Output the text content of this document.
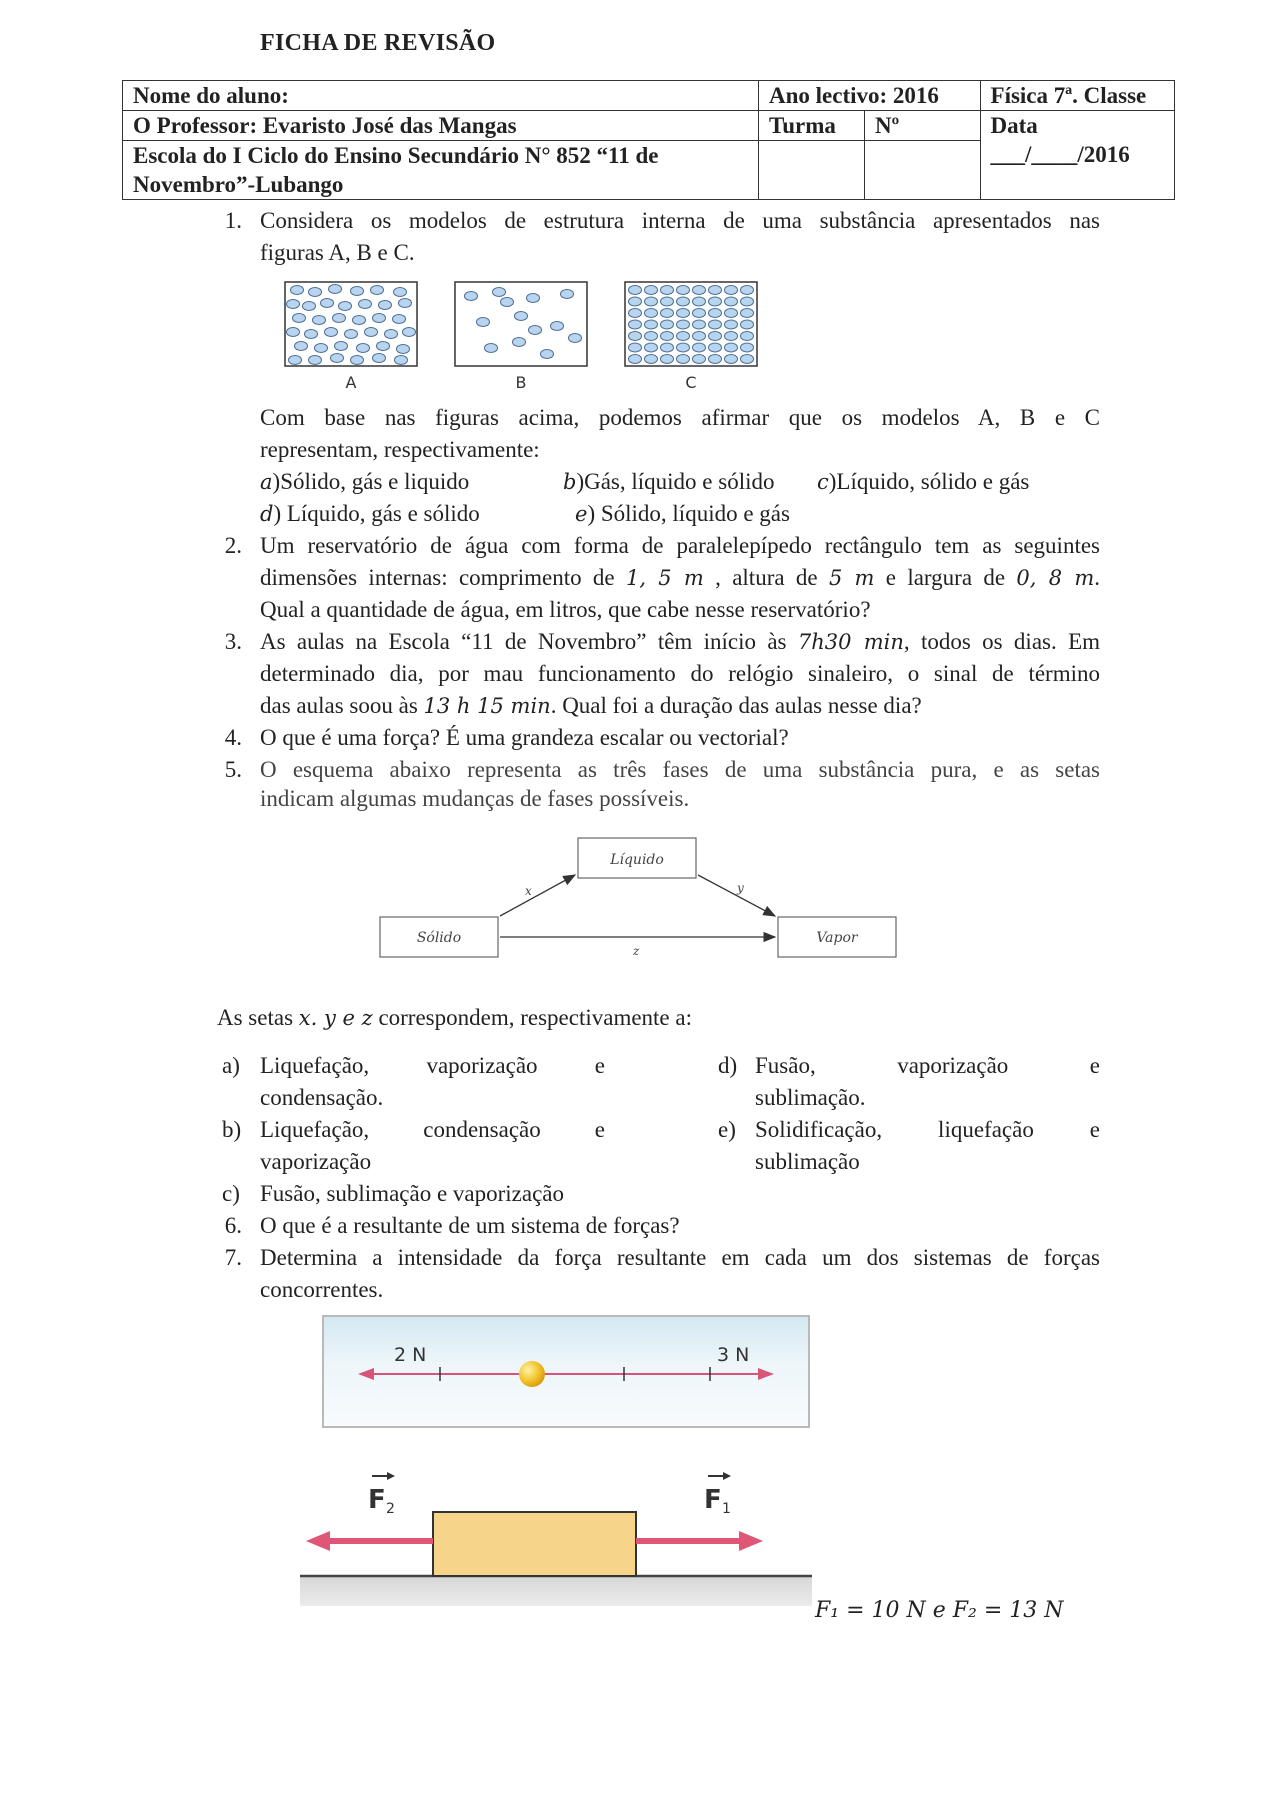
FICHA DE REVISÃO
Nome do aluno:	Ano lectivo: 2016		Física 7ª. Classe
O Professor: Evaristo José das Mangas	Turma	Nº	Data
___/____/2016

Escola do I Ciclo do Ensino Secundário N° 852 “11 de
Novembro”-Lubango			

1. Considera os modelos de estrutura interna de uma substância apresentados nas
figuras A, B e C.
A	B	C
Com base nas figuras acima, podemos afirmar que os modelos A, B e C
representam, respectivamente:
a)Sólido, gás e liquido	b)Gás, líquido e sólido c)Líquido, sólido e gás
d) Líquido, gás e sólido	e) Sólido, líquido e gás
2. Um reservatório de água com forma de paralelepípedo rectângulo tem as seguintes
dimensões internas: comprimento de 1, 5 m , altura de 5 m e largura de 0, 8 m.
Qual a quantidade de água, em litros, que cabe nesse reservatório?
3. As aulas na Escola “11 de Novembro” têm início às 7h30 min, todos os dias. Em
determinado dia, por mau funcionamento do relógio sinaleiro, o sinal de término
das aulas soou às 13 h 15 min. Qual foi a duração das aulas nesse dia?
4. O que é uma força? É uma grandeza escalar ou vectorial?
5. O esquema abaixo representa as três fases de uma substância pura, e as setas
indicam algumas mudanças de fases possíveis.
Líquido
Sólido	Vapor
x	y
z
As setas x. y e z correspondem, respectivamente a:
a) Liquefação, vaporização e
condensação.
b) Liquefação, condensação e
vaporização
c) Fusão, sublimação e vaporização
d) Fusão, vaporização e
sublimação.
e) Solidificação, liquefação e
sublimação
6. O que é a resultante de um sistema de forças?
7. Determina a intensidade da força resultante em cada um dos sistemas de forças
concorrentes.
2 N	3 N
F 2	F 1
F₁ = 10 N e F₂ = 13 N
